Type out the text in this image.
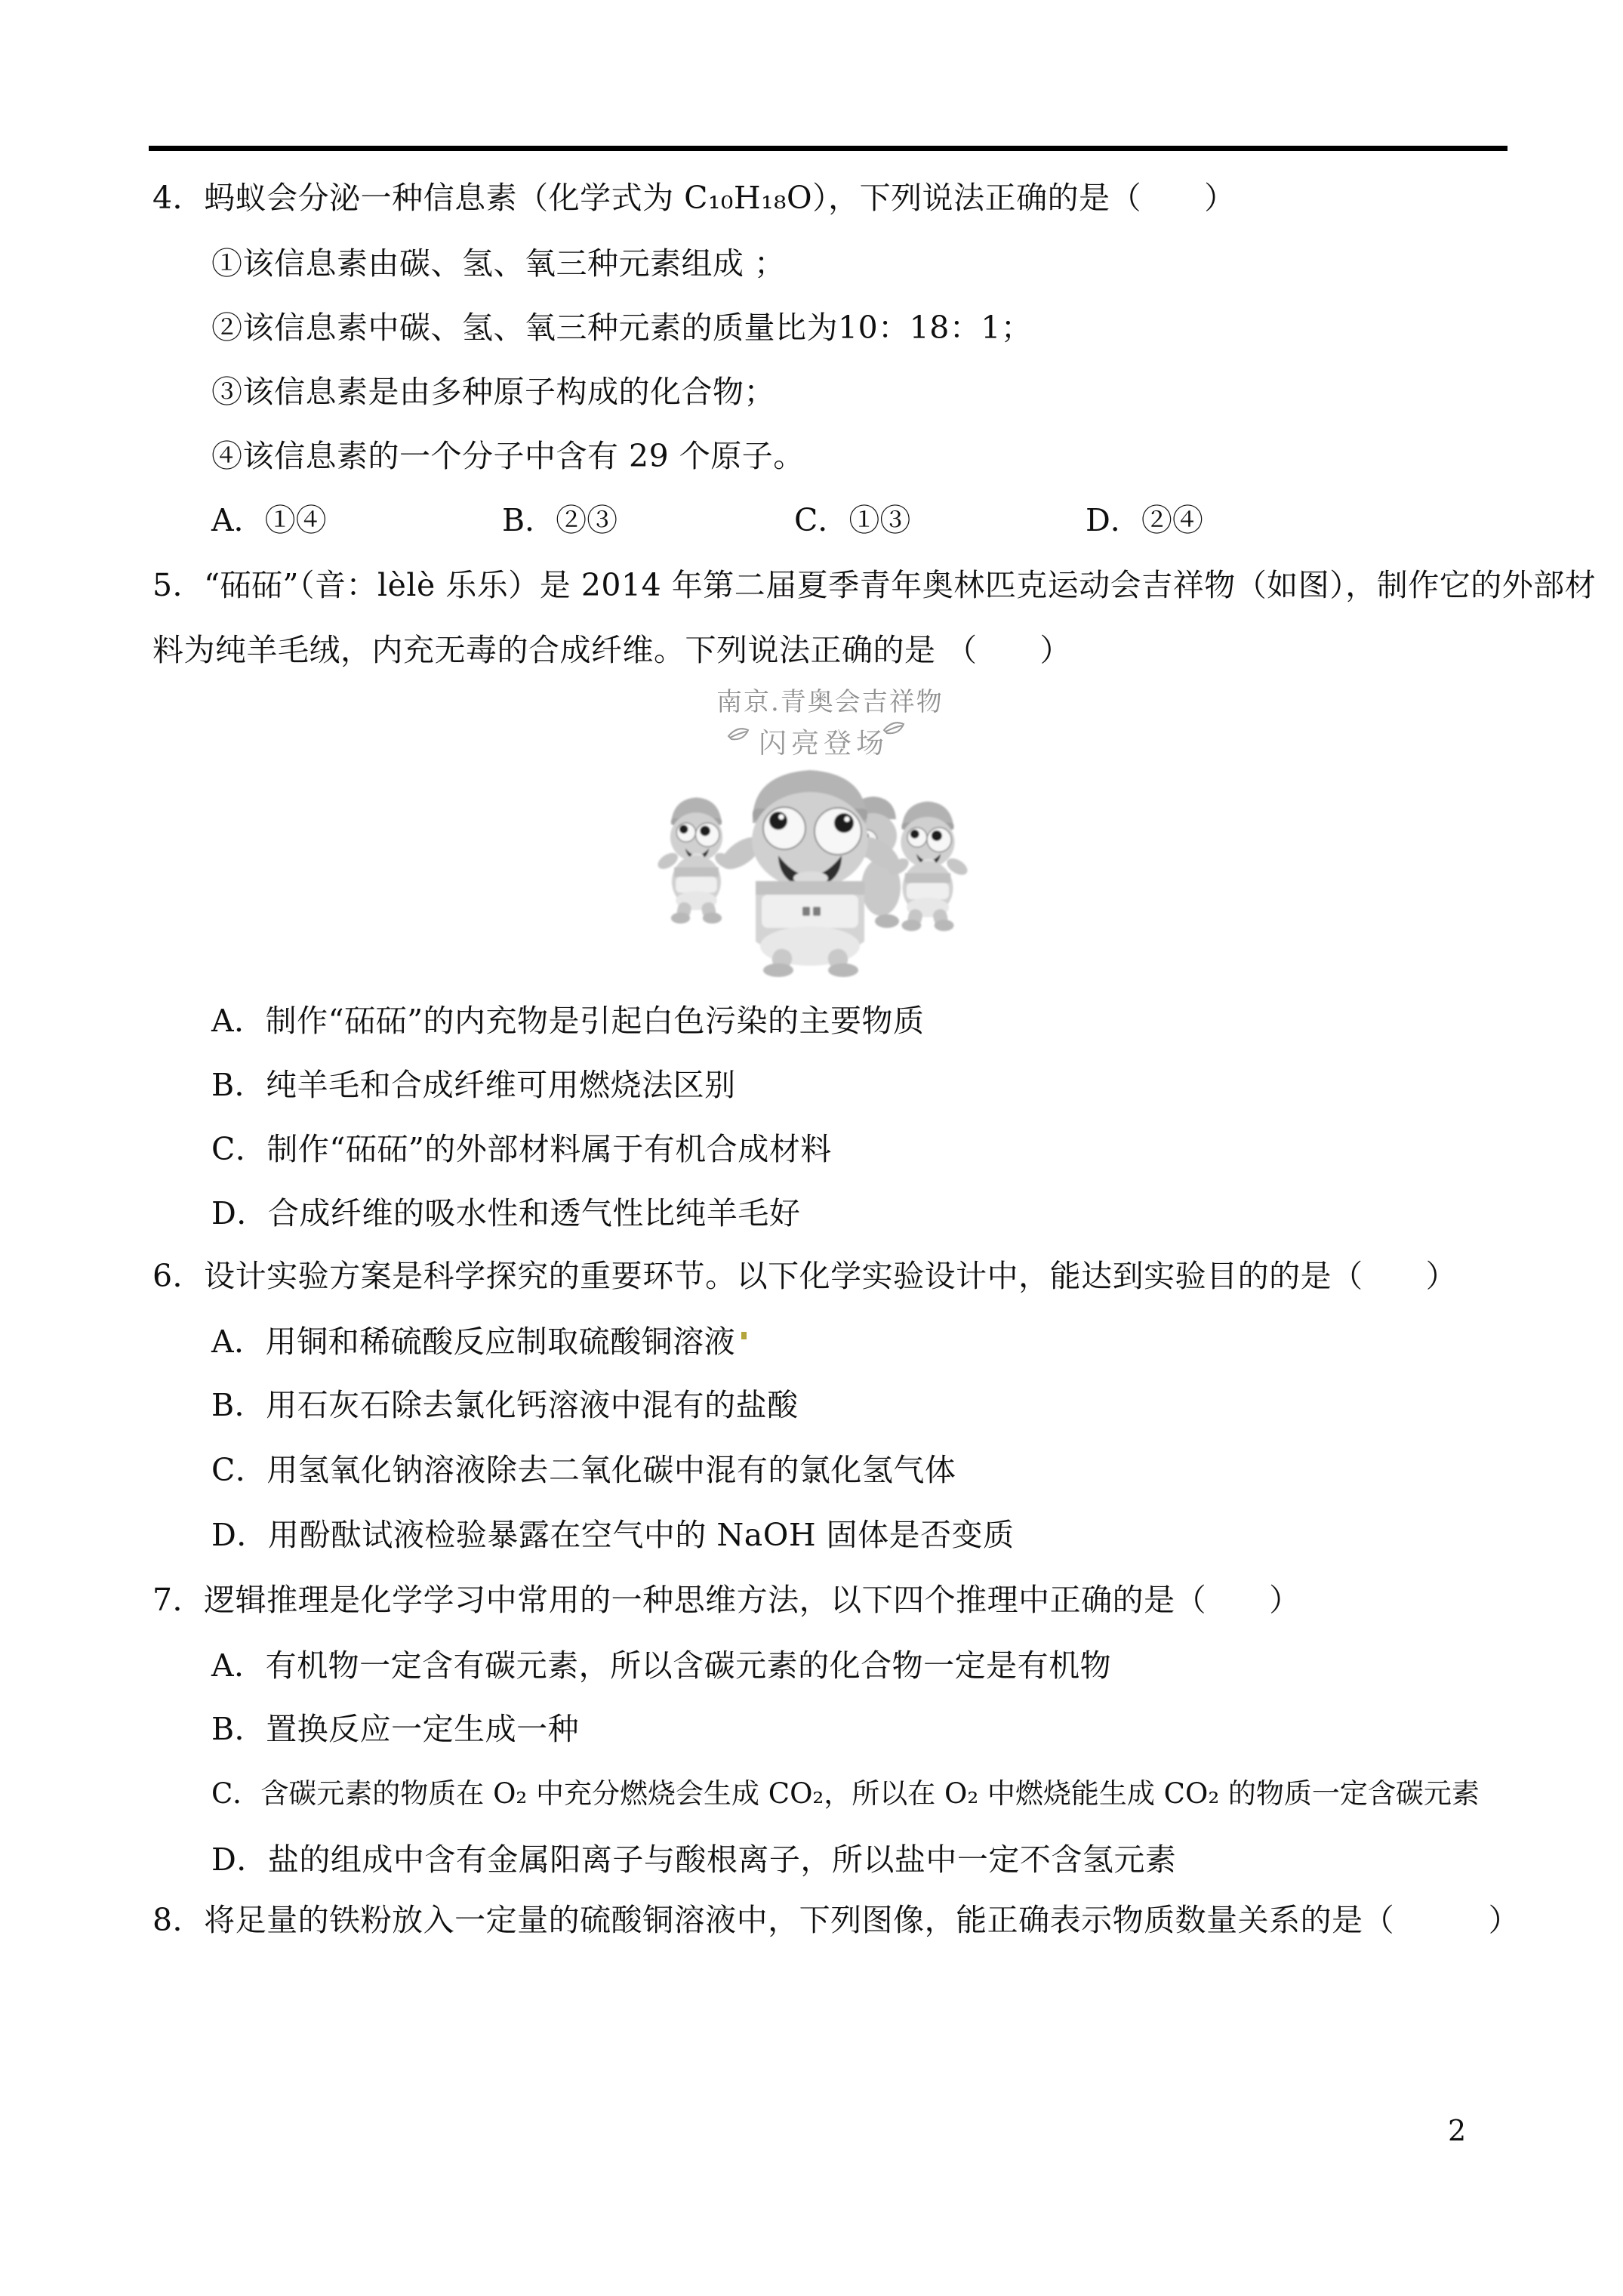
4．蚂蚁会分泌一种信息素（化学式为 C₁₀H₁₈O），下列说法正确的是（　　）
①该信息素由碳、氢、氧三种元素组成 ；
②该信息素中碳、氢、氧三种元素的质量比为10：18：1；
③该信息素是由多种原子构成的化合物；
④该信息素的一个分子中含有 29 个原子。
A．①④	B．②③	C．①③	D．②④
5．“砳砳”（音：lèlè 乐乐）是 2014 年第二届夏季青年奥林匹克运动会吉祥物（如图），制作它的外部材
料为纯羊毛绒，内充无毒的合成纤维。下列说法正确的是 （　　）
南京.青奥会吉祥物
闪亮登场
A．制作“砳砳”的内充物是引起白色污染的主要物质
B．纯羊毛和合成纤维可用燃烧法区别
C．制作“砳砳”的外部材料属于有机合成材料
D．合成纤维的吸水性和透气性比纯羊毛好
6．设计实验方案是科学探究的重要环节。以下化学实验设计中，能达到实验目的的是（　　）
A．用铜和稀硫酸反应制取硫酸铜溶液
B．用石灰石除去氯化钙溶液中混有的盐酸
C．用氢氧化钠溶液除去二氧化碳中混有的氯化氢气体
D．用酚酞试液检验暴露在空气中的 NaOH 固体是否变质
7．逻辑推理是化学学习中常用的一种思维方法，以下四个推理中正确的是（　　）
A．有机物一定含有碳元素，所以含碳元素的化合物一定是有机物
B．置换反应一定生成一种
C．含碳元素的物质在 O₂ 中充分燃烧会生成 CO₂，所以在 O₂ 中燃烧能生成 CO₂ 的物质一定含碳元素
D．盐的组成中含有金属阳离子与酸根离子，所以盐中一定不含氢元素
8．将足量的铁粉放入一定量的硫酸铜溶液中，下列图像，能正确表示物质数量关系的是（　　　）
2
